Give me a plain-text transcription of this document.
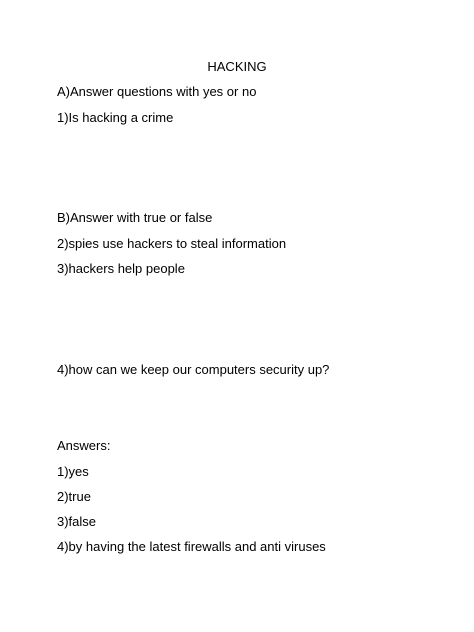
HACKING
A)Answer questions with yes or no
1)Is hacking a crime
B)Answer with true or false
2)spies use hackers to steal information
3)hackers help people
4)how can we keep our computers security up?
Answers:
1)yes
2)true
3)false
4)by having the latest firewalls and anti viruses
